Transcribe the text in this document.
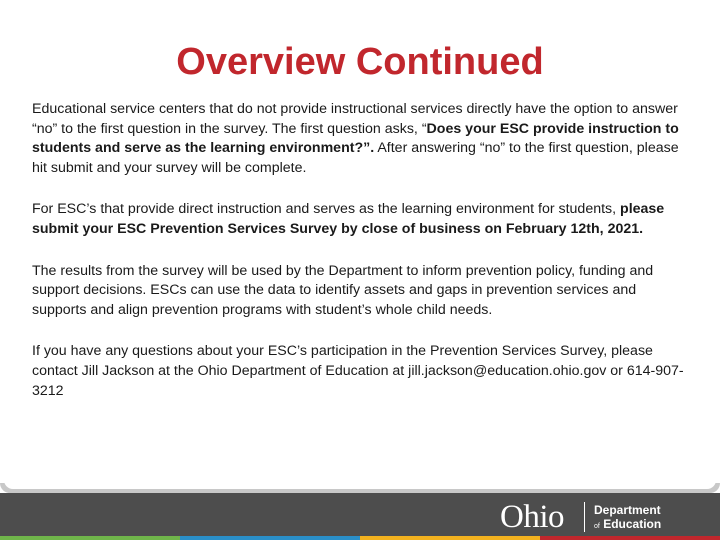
Overview Continued

Educational service centers that do not provide instructional services directly have the option to answer “no” to the first question in the survey. The first question asks, “Does your ESC provide instruction to students and serve as the learning environment?”. After answering “no” to the first question, please hit submit and your survey will be complete.

For ESC’s that provide direct instruction and serves as the learning environment for students, please submit your ESC Prevention Services Survey by close of business on February 12th, 2021.

The results from the survey will be used by the Department to inform prevention policy, funding and support decisions. ESCs can use the data to identify assets and gaps in prevention services and supports and align prevention programs with student’s whole child needs.

If you have any questions about your ESC’s participation in the Prevention Services Survey, please contact Jill Jackson at the Ohio Department of Education at jill.jackson@education.ohio.gov or 614-907-3212

Ohio	Department
of Education
